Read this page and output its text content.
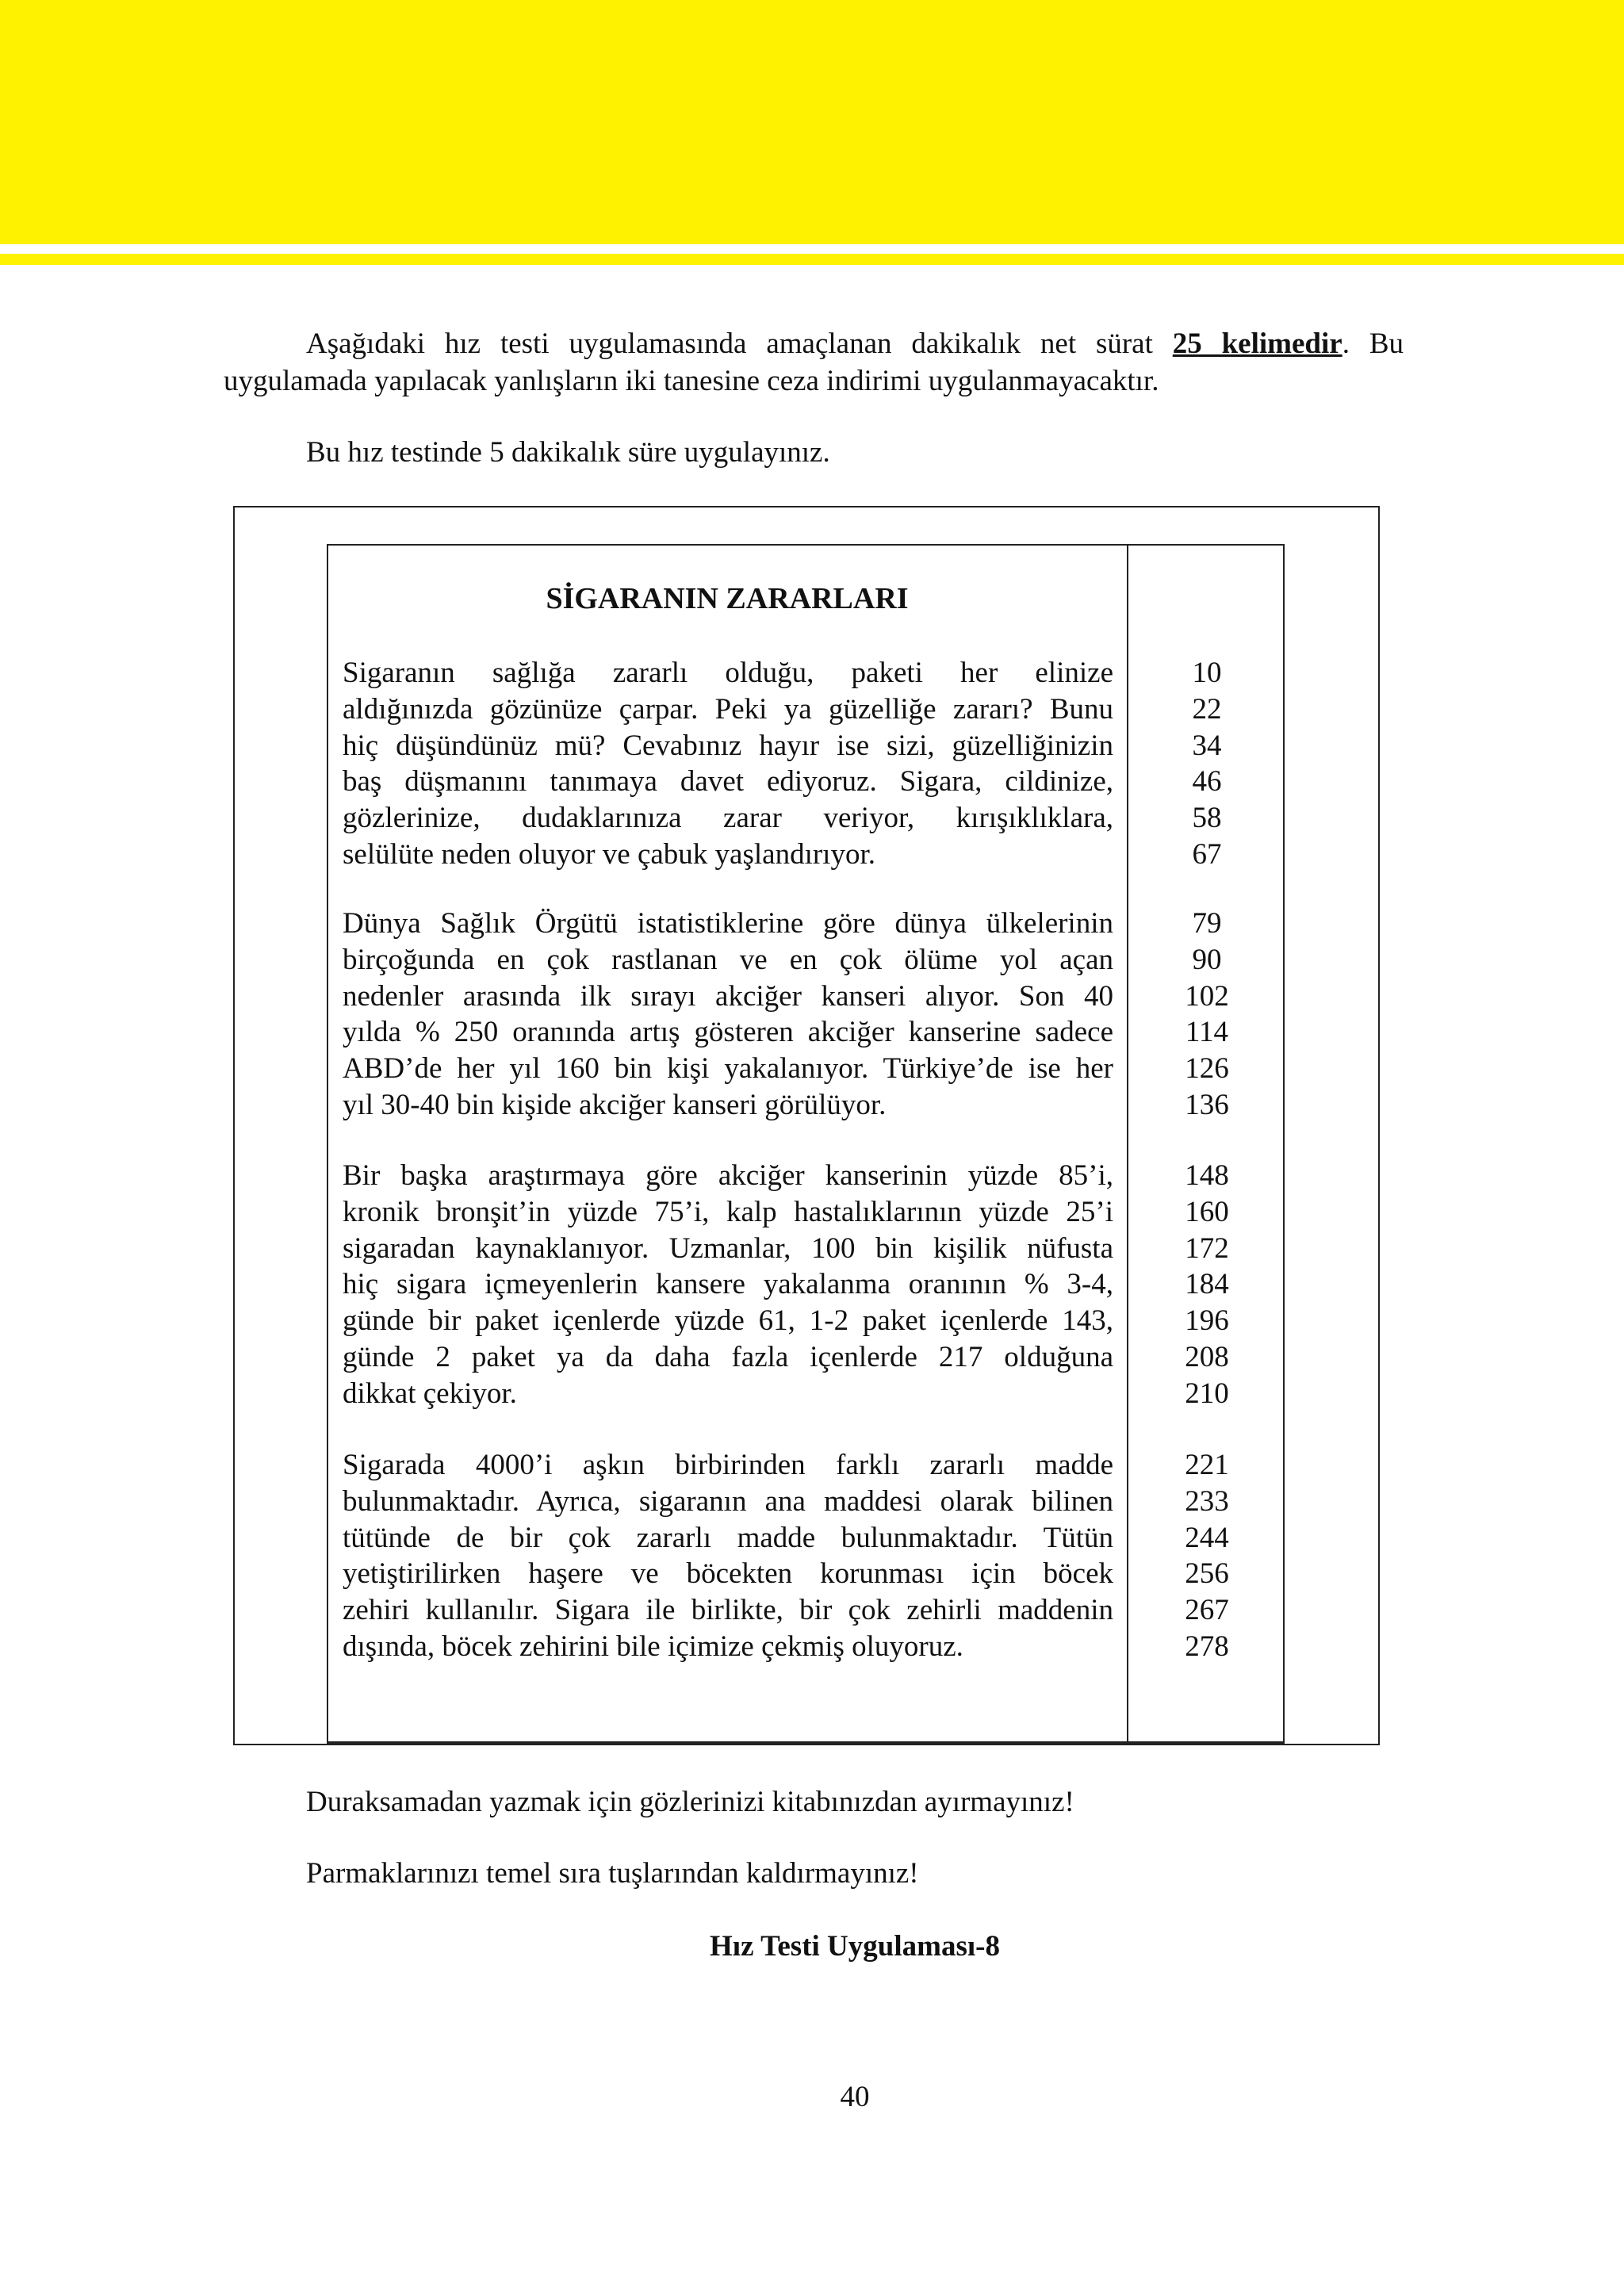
Aşağıdaki hız testi uygulamasında amaçlanan dakikalık net sürat 25 kelimedir. Bu uygulamada yapılacak yanlışların iki tanesine ceza indirimi uygulanmayacaktır.

Bu hız testinde 5 dakikalık süre uygulayınız.

SİGARANIN ZARARLARI

Sigaranın sağlığa zararlı olduğu, paketi her elinize
aldığınızda gözünüze çarpar. Peki ya güzelliğe zararı? Bunu
hiç düşündünüz mü? Cevabınız hayır ise sizi, güzelliğinizin
baş düşmanını tanımaya davet ediyoruz. Sigara, cildinize,
gözlerinize, dudaklarınıza zarar veriyor, kırışıklıklara,
selülüte neden oluyor ve çabuk yaşlandırıyor.

10
22
34
46
58
67

Dünya Sağlık Örgütü istatistiklerine göre dünya ülkelerinin
birçoğunda en çok rastlanan ve en çok ölüme yol açan
nedenler arasında ilk sırayı akciğer kanseri alıyor. Son 40
yılda % 250 oranında artış gösteren akciğer kanserine sadece
ABD’de her yıl 160 bin kişi yakalanıyor. Türkiye’de ise her
yıl 30-40 bin kişide akciğer kanseri görülüyor.

79
90
102
114
126
136

Bir başka araştırmaya göre akciğer kanserinin yüzde 85’i,
kronik bronşit’in yüzde 75’i, kalp hastalıklarının yüzde 25’i
sigaradan kaynaklanıyor. Uzmanlar, 100 bin kişilik nüfusta
hiç sigara içmeyenlerin kansere yakalanma oranının % 3-4,
günde bir paket içenlerde yüzde 61, 1-2 paket içenlerde 143,
günde 2 paket ya da daha fazla içenlerde 217 olduğuna
dikkat çekiyor.

148
160
172
184
196
208
210

Sigarada 4000’i aşkın birbirinden farklı zararlı madde
bulunmaktadır. Ayrıca, sigaranın ana maddesi olarak bilinen
tütünde de bir çok zararlı madde bulunmaktadır. Tütün
yetiştirilirken haşere ve böcekten korunması için böcek
zehiri kullanılır. Sigara ile birlikte, bir çok zehirli maddenin
dışında, böcek zehirini bile içimize çekmiş oluyoruz.

221
233
244
256
267
278

Duraksamadan yazmak için gözlerinizi kitabınızdan ayırmayınız!

Parmaklarınızı temel sıra tuşlarından kaldırmayınız!

Hız Testi Uygulaması-8

40
